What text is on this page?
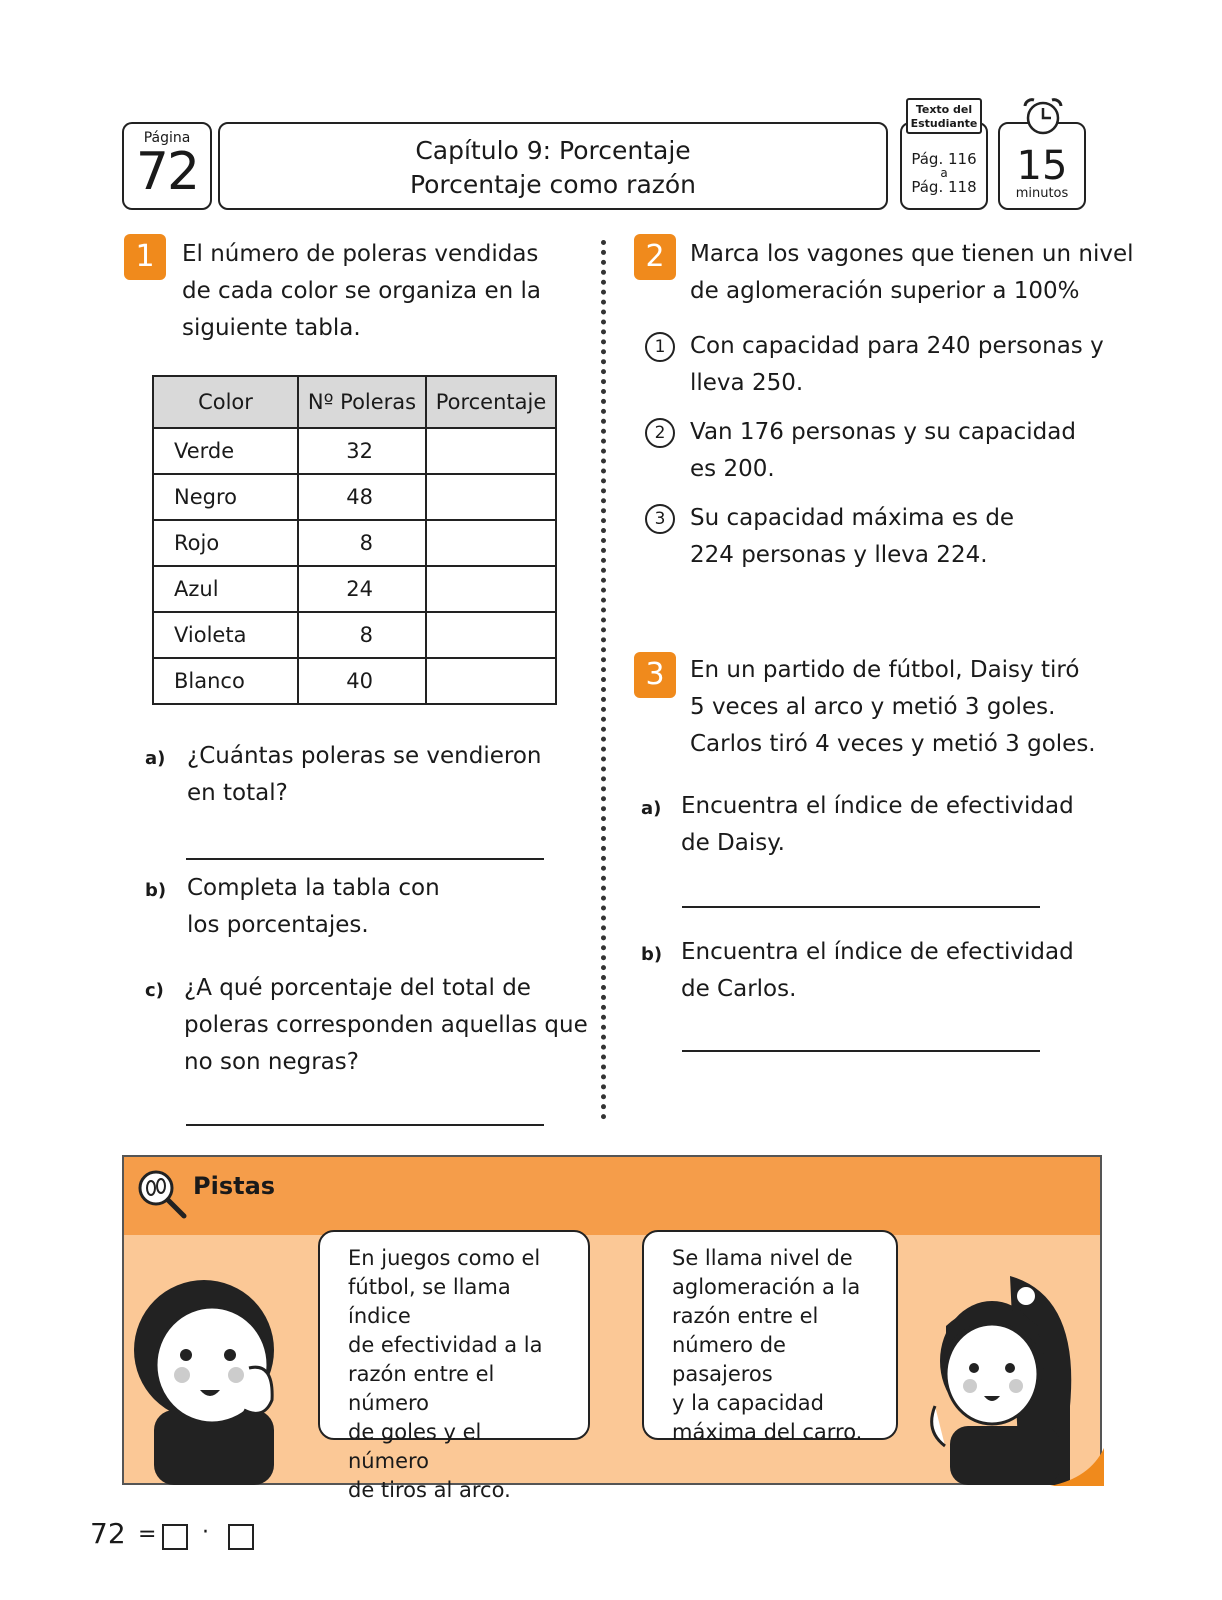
Página
72	Capítulo 9: Porcentaje
Porcentaje como razón
Pág. 116
a
Pág. 118
Texto del
Estudiante
15
minutos
1	El número de poleras vendidas
de cada color se organiza en la
siguiente tabla.
Color	Nº Poleras	Porcentaje
Verde	32	
Negro	48	
Rojo	8	
Azul	24	
Violeta	8	
Blanco	40	
a) ¿Cuántas poleras se vendieron
en total?
b) Completa la tabla con
los porcentajes.
c) ¿A qué porcentaje del total de
poleras corresponden aquellas que
no son negras?
2	Marca los vagones que tienen un nivel
de aglomeración superior a 100%
1	Con capacidad para 240 personas y
lleva 250.
2	Van 176 personas y su capacidad
es 200.
3	Su capacidad máxima es de
224 personas y lleva 224.
3	En un partido de fútbol, Daisy tiró
5 veces al arco y metió 3 goles.
Carlos tiró 4 veces y metió 3 goles.
a) Encuentra el índice de efectividad
de Daisy.
b) Encuentra el índice de efectividad
de Carlos.
Pistas
En juegos como el
fútbol, se llama índice
de efectividad a la
razón entre el número
de goles y el número
de tiros al arco.
Se llama nivel de
aglomeración a la
razón entre el
número de pasajeros
y la capacidad
máxima del carro.
72 = ·
